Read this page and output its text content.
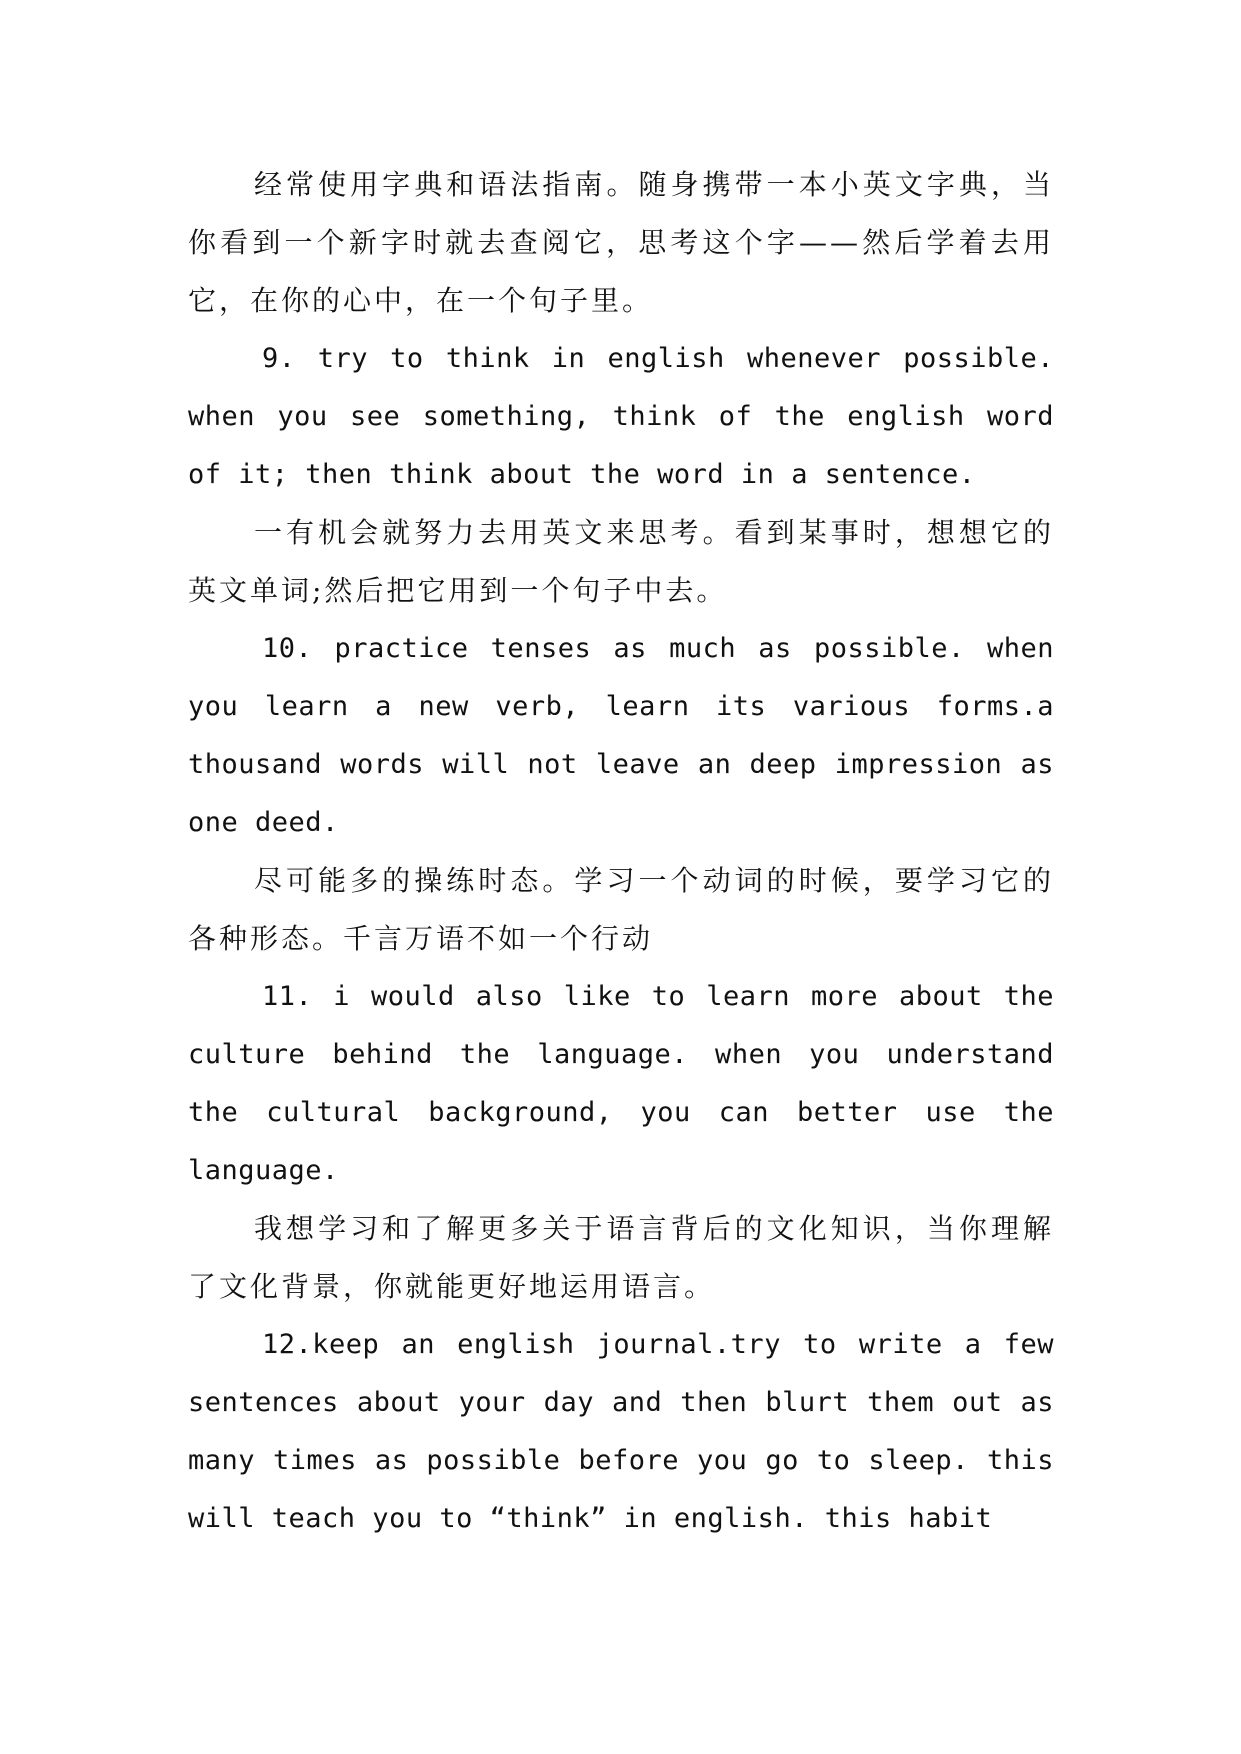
经常使用字典和语法指南。随身携带一本小英文字典，当你看到一个新字时就去查阅它，思考这个字——然后学着去用它，在你的心中，在一个句子里。

9. try to think in english whenever possible. when you see something, think of the english word of it; then think about the word in a sentence.

一有机会就努力去用英文来思考。看到某事时，想想它的英文单词;然后把它用到一个句子中去。

10. practice tenses as much as possible. when you learn a new verb, learn its various forms.a thousand words will not leave an deep impression as one deed.

尽可能多的操练时态。学习一个动词的时候，要学习它的各种形态。千言万语不如一个行动

11. i would also like to learn more about the culture behind the language. when you understand the cultural background, you can better use the language.

我想学习和了解更多关于语言背后的文化知识，当你理解了文化背景，你就能更好地运用语言。

12.keep an english journal.try to write a few sentences about your day and then blurt them out as many times as possible before you go to sleep. this will teach you to “think” in english. this habit
